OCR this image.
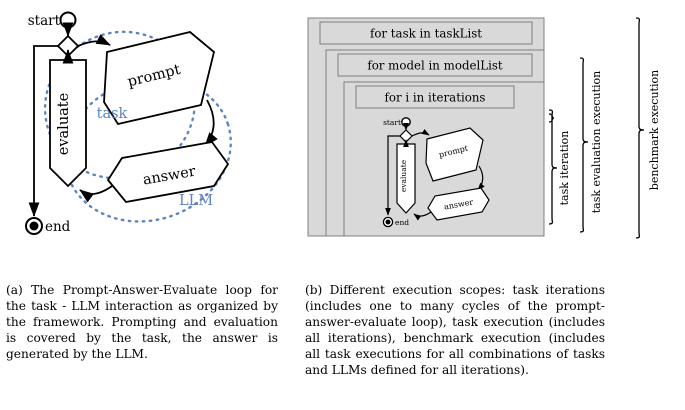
start
prompt
answer
evaluate
end
task
LLM
for task in taskList
for model in modelList
for i in iterations
start
prompt
answer
evaluate
end
task iteration task evaluation execution	benchmark execution
(a) The Prompt-Answer-Evaluate loop for the task - LLM interaction as organized by the framework. Prompting and evaluation is covered by the task, the answer is generated by the LLM.
(b) Different execution scopes: task iterations (includes one to many cycles of the prompt-answer-evaluate loop), task execution (includes all iterations), benchmark execution (includes all task executions for all combinations of tasks and LLMs defined for all iterations).
